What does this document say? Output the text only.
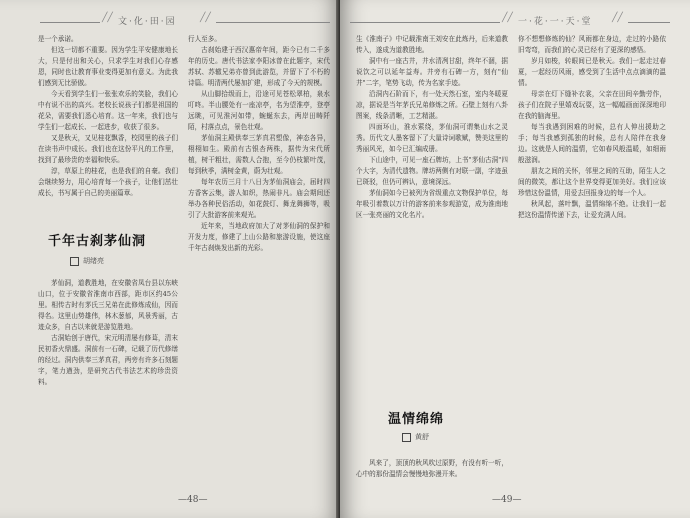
╱╱ 文·化·田·园	╱╱

是一个承诺。

但这一切都不重要。因为学生平安健康地长大，只是付出和关心，只求学生对我们心存感恩，同时也让教育事业变得更加有意义。为此我们感到无比骄傲。

今天看到学生们一张张欢乐的笑脸，我们心中有说不出的高兴。老校长说孩子们都是祖国的花朵，需要我们悉心培育。这一年来，我们也与学生们一起成长、一起进步，收获了很多。

又是秋天，又见桂花飘香，校园里的孩子们在读书声中成长。我们也在这份平凡的工作里，找到了最珍贵的幸福和快乐。

淳，草原上的桂花，也是我们的自豪。我们会继续努力，用心培育每一个孩子，让他们茁壮成长，书写属于自己的美丽篇章。

千年古刹茅仙洞
胡绪亮

茅仙洞，道教胜地，在安徽省凤台县以东峡山口，位于安徽省淮南市西部，距市区约45公里。相传古时有茅氏三兄弟在此修炼成仙，因而得名。这里山势雄伟，林木葱郁，风景秀丽，古迹众多，自古以来就是游览胜地。

古洞始创于唐代，宋元明清屡有修葺，清末民初香火鼎盛。洞前有一石碑，记载了历代修缮的经过。洞内供奉三茅真君，两旁有许多石刻题字，笔力遒劲，是研究古代书法艺术的珍贵资料。

行人至多。

古刹始建于西汉惠帝年间，距今已有二千多年的历史。唐代书法家李阳冰曾在此题字，宋代苏轼、苏辙兄弟亦曾到此游览，并留下了不朽的诗篇。明清两代屡加扩建，形成了今天的规模。

从山脚拾级而上，沿途可见苍松翠柏，泉水叮咚。半山腰处有一座凉亭，名为望淮亭，登亭远眺，可见淮河如带，蜿蜒东去，两岸田畴阡陌，村落点点，景色壮观。

茅仙洞主殿供奉三茅真君塑像，神态各异，栩栩如生。殿前有古银杏两株，据传为宋代所植，树干粗壮，需数人合抱，至今仍枝繁叶茂，每到秋季，满树金黄，蔚为壮观。

每年农历三月十八日为茅仙洞庙会，届时四方香客云集，游人如织，热闹非凡。庙会期间还举办各种民俗活动，如花鼓灯、舞龙舞狮等，吸引了大批游客前来观光。

近年来，当地政府加大了对茅仙洞的保护和开发力度，修建了上山公路和旅游设施，使这座千年古刹焕发出新的光彩。

—48—
╱╱ 一·花·一·天·堂 ╱╱

生《淮南子》中记载淮南王刘安在此炼丹，后来道教传入，遂成为道教胜地。

洞中有一座古井，井水清冽甘甜，终年不涸，据说饮之可以延年益寿。井旁有石碑一方，刻有"仙井"二字，笔势飞动，传为名家手迹。

沿洞内石阶而下，有一处天然石室，室内冬暖夏凉，据说是当年茅氏兄弟修炼之所。石壁上刻有八卦图案，线条清晰，工艺精湛。

四面环山，淮水萦绕，茅仙洞可谓集山水之灵秀。历代文人墨客留下了大量诗词歌赋，赞美这里的秀丽风光，如今已汇编成册。

下山途中，可见一座石牌坊，上书"茅仙古洞"四个大字，为清代遗物。牌坊两侧有对联一副，字迹虽已斑驳，但仍可辨认，意境深远。

茅仙洞如今已被列为省级重点文物保护单位，每年吸引着数以万计的游客前来参观游览，成为淮南地区一张亮丽的文化名片。

温情绵绵
黄舒

风来了，顶顶的秋风吹过原野，有没有听一听，心中的那份温情会慢慢地弥漫开来。

你不想想修炼的仙？风雨都在身边，走过的小路依旧弯弯，而我们的心灵已经有了更深的感悟。

岁月如梭，转眼间已是秋天。我们一起走过春夏，一起经历风雨，感受到了生活中点点滴滴的温情。

母亲在灯下缝补衣裳，父亲在田间辛勤劳作，孩子们在院子里嬉戏玩耍，这一幅幅画面深深地印在我的脑海里。

每当我遇到困难的时候，总有人伸出援助之手；每当我感到孤独的时候，总有人陪伴在我身边。这就是人间的温情，它如春风般温暖，如细雨般滋润。

朋友之间的关怀，邻里之间的互助，陌生人之间的微笑，都让这个世界变得更加美好。我们应该珍惜这份温情，用爱去回报身边的每一个人。

秋风起，落叶飘，温情绵绵不绝。让我们一起把这份温情传递下去，让爱充满人间。

—49—
